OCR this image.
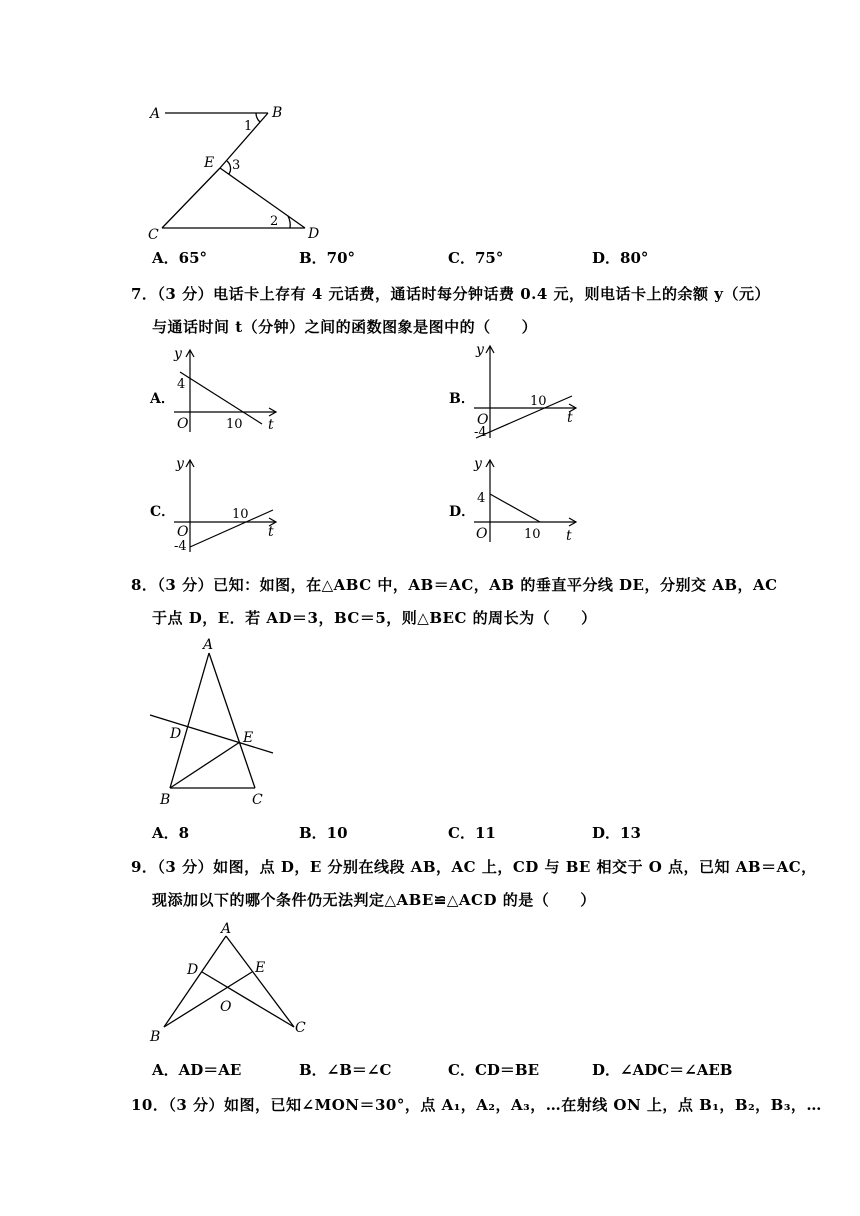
A	B
E
C	D
1
3
2
A．65°	B．70°	C．75°	D．80°
7．（3 分）电话卡上存有 4 元话费，通话时每分钟话费 0.4 元，则电话卡上的余额 y（元）
与通话时间 t（分钟）之间的函数图象是图中的（　　）
A．
y
4
O	10 t
B．
y
O
-4
10
t
C．
y
O
-4
10
t
D．
y
4
O	10 t
8．（3 分）已知：如图，在△ABC 中，AB＝AC，AB 的垂直平分线 DE，分别交 AB，AC
于点 D，E．若 AD＝3，BC＝5，则△BEC 的周长为（　　）
A
D	E
B	C
A．8	B．10	C．11	D．13
9．（3 分）如图，点 D，E 分别在线段 AB，AC 上，CD 与 BE 相交于 O 点，已知 AB＝AC，
现添加以下的哪个条件仍无法判定△ABE≌△ACD 的是（　　）
A
D	E
O
B
C
A．AD＝AE	B．∠B＝∠C	C．CD＝BE	D．∠ADC＝∠AEB
10．（3 分）如图，已知∠MON＝30°，点 A₁，A₂，A₃，…在射线 ON 上，点 B₁，B₂，B₃，…
